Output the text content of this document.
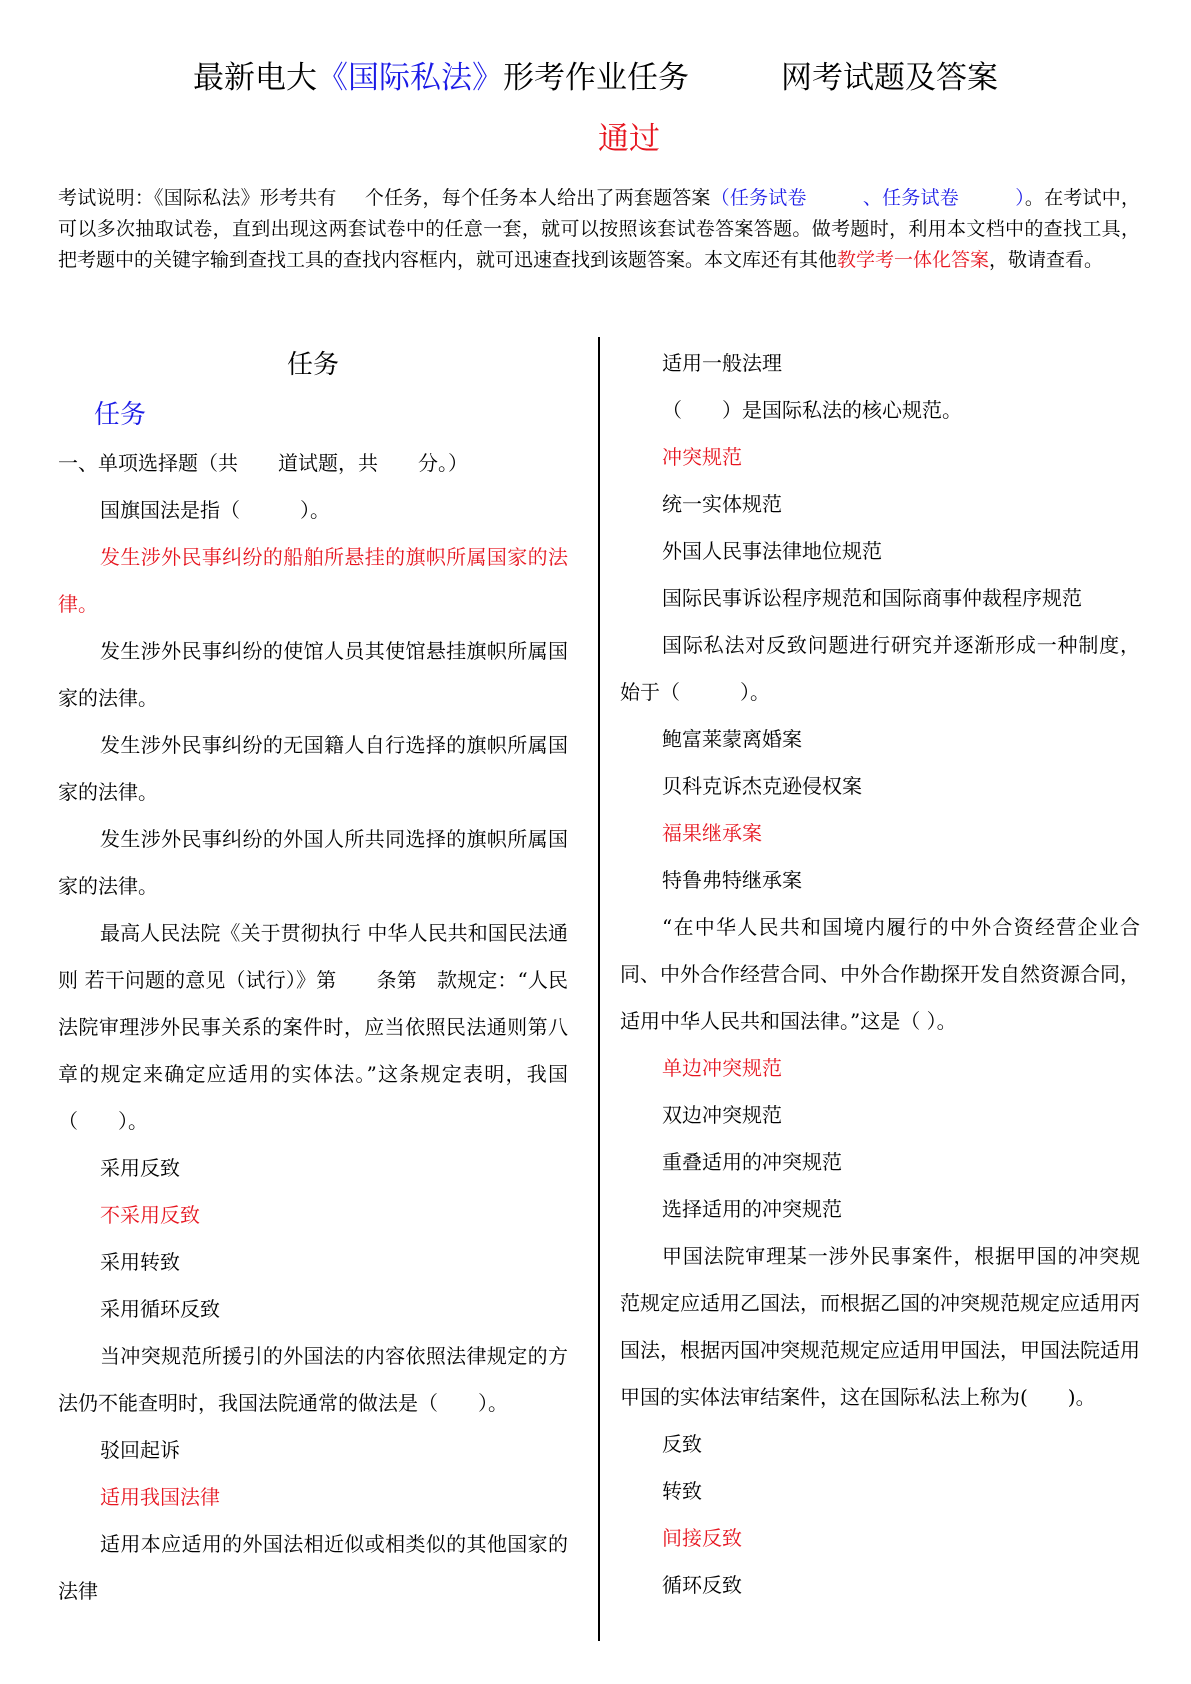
最新电大《国际私法》形考作业任务	网考试题及答案
通过
考试说明：《国际私法》形考共有 个任务，每个任务本人给出了两套题答案（任务试卷	、任务试卷	）。在考试中，可以多次抽取试卷，直到出现这两套试卷中的任意一套，就可以按照该套试卷答案答题。做考题时，利用本文档中的查找工具，把考题中的关键字输到查找工具的查找内容框内，就可迅速查找到该题答案。本文库还有其他教学考一体化答案，敬请查看。

任务

任务

一、单项选择题（共　　道试题，共　　分。）

国旗国法是指（　　　）。

发生涉外民事纠纷的船舶所悬挂的旗帜所属国家的法律。

发生涉外民事纠纷的使馆人员其使馆悬挂旗帜所属国家的法律。

发生涉外民事纠纷的无国籍人自行选择的旗帜所属国家的法律。

发生涉外民事纠纷的外国人所共同选择的旗帜所属国家的法律。

最高人民法院《关于贯彻执行 中华人民共和国民法通则 若干问题的意见（试行）》第　　条第　款规定：“人民法院审理涉外民事关系的案件时，应当依照民法通则第八章的规定来确定应适用的实体法。”这条规定表明，我国（　　）。

采用反致

不采用反致

采用转致

采用循环反致

当冲突规范所援引的外国法的内容依照法律规定的方法仍不能查明时，我国法院通常的做法是（　　）。

驳回起诉

适用我国法律

适用本应适用的外国法相近似或相类似的其他国家的法律

适用一般法理

（　　）是国际私法的核心规范。

冲突规范

统一实体规范

外国人民事法律地位规范

国际民事诉讼程序规范和国际商事仲裁程序规范

国际私法对反致问题进行研究并逐渐形成一种制度，始于（　　　）。

鲍富莱蒙离婚案

贝科克诉杰克逊侵权案

福果继承案

特鲁弗特继承案

“在中华人民共和国境内履行的中外合资经营企业合同、中外合作经营合同、中外合作勘探开发自然资源合同，适用中华人民共和国法律。”这是（ ）。

单边冲突规范

双边冲突规范

重叠适用的冲突规范

选择适用的冲突规范

甲国法院审理某一涉外民事案件，根据甲国的冲突规范规定应适用乙国法，而根据乙国的冲突规范规定应适用丙国法，根据丙国冲突规范规定应适用甲国法，甲国法院适用甲国的实体法审结案件，这在国际私法上称为(　　)。

反致

转致

间接反致

循环反致
